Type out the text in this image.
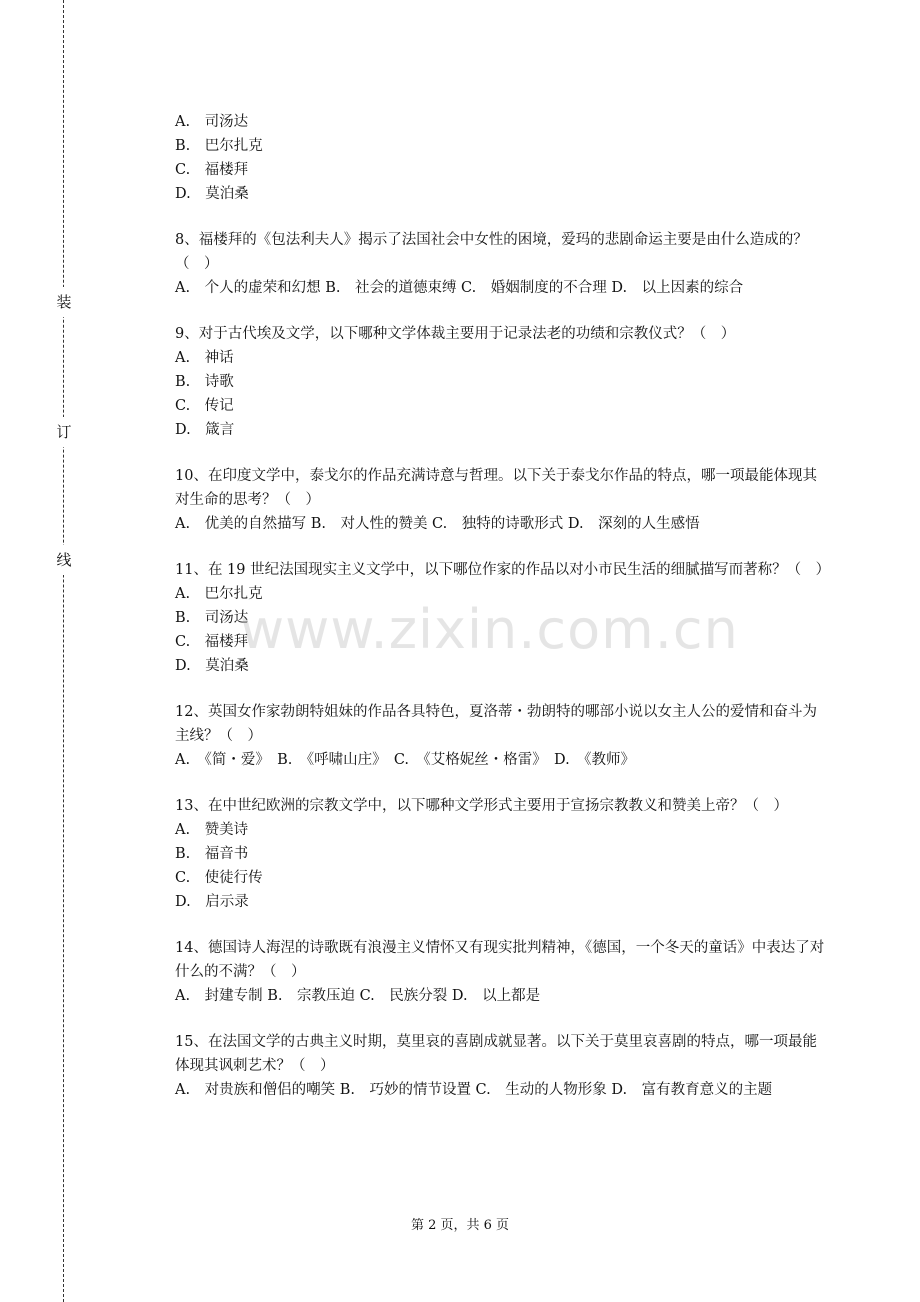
装
订
线

A.　司汤达

B.　巴尔扎克

C.　福楼拜

D.　莫泊桑

8、福楼拜的《包法利夫人》揭示了法国社会中女性的困境，爱玛的悲剧命运主要是由什么造成的？（　）

A.　个人的虚荣和幻想 B.　社会的道德束缚 C.　婚姻制度的不合理 D.　以上因素的综合

9、对于古代埃及文学，以下哪种文学体裁主要用于记录法老的功绩和宗教仪式？（　）

A.　神话

B.　诗歌

C.　传记

D.　箴言

10、在印度文学中，泰戈尔的作品充满诗意与哲理。以下关于泰戈尔作品的特点，哪一项最能体现其对生命的思考？（　）

A.　优美的自然描写 B.　对人性的赞美 C.　独特的诗歌形式 D.　深刻的人生感悟

11、在 19 世纪法国现实主义文学中，以下哪位作家的作品以对小市民生活的细腻描写而著称？（　）

A.　巴尔扎克

B.　司汤达

C.　福楼拜

D.　莫泊桑

12、英国女作家勃朗特姐妹的作品各具特色，夏洛蒂・勃朗特的哪部小说以女主人公的爱情和奋斗为主线？（　）

A.　《简・爱》　B.　《呼啸山庄》　C.　《艾格妮丝・格雷》　D.　《教师》

13、在中世纪欧洲的宗教文学中，以下哪种文学形式主要用于宣扬宗教教义和赞美上帝？（　）

A.　赞美诗

B.　福音书

C.　使徒行传

D.　启示录

14、德国诗人海涅的诗歌既有浪漫主义情怀又有现实批判精神，《德国，一个冬天的童话》中表达了对什么的不满？（　）

A.　封建专制 B.　宗教压迫 C.　民族分裂 D.　以上都是

15、在法国文学的古典主义时期，莫里哀的喜剧成就显著。以下关于莫里哀喜剧的特点，哪一项最能体现其讽刺艺术？（　）

A.　对贵族和僧侣的嘲笑 B.　巧妙的情节设置 C.　生动的人物形象 D.　富有教育意义的主题

www.zixin.com.cn
第 2 页，共 6 页
